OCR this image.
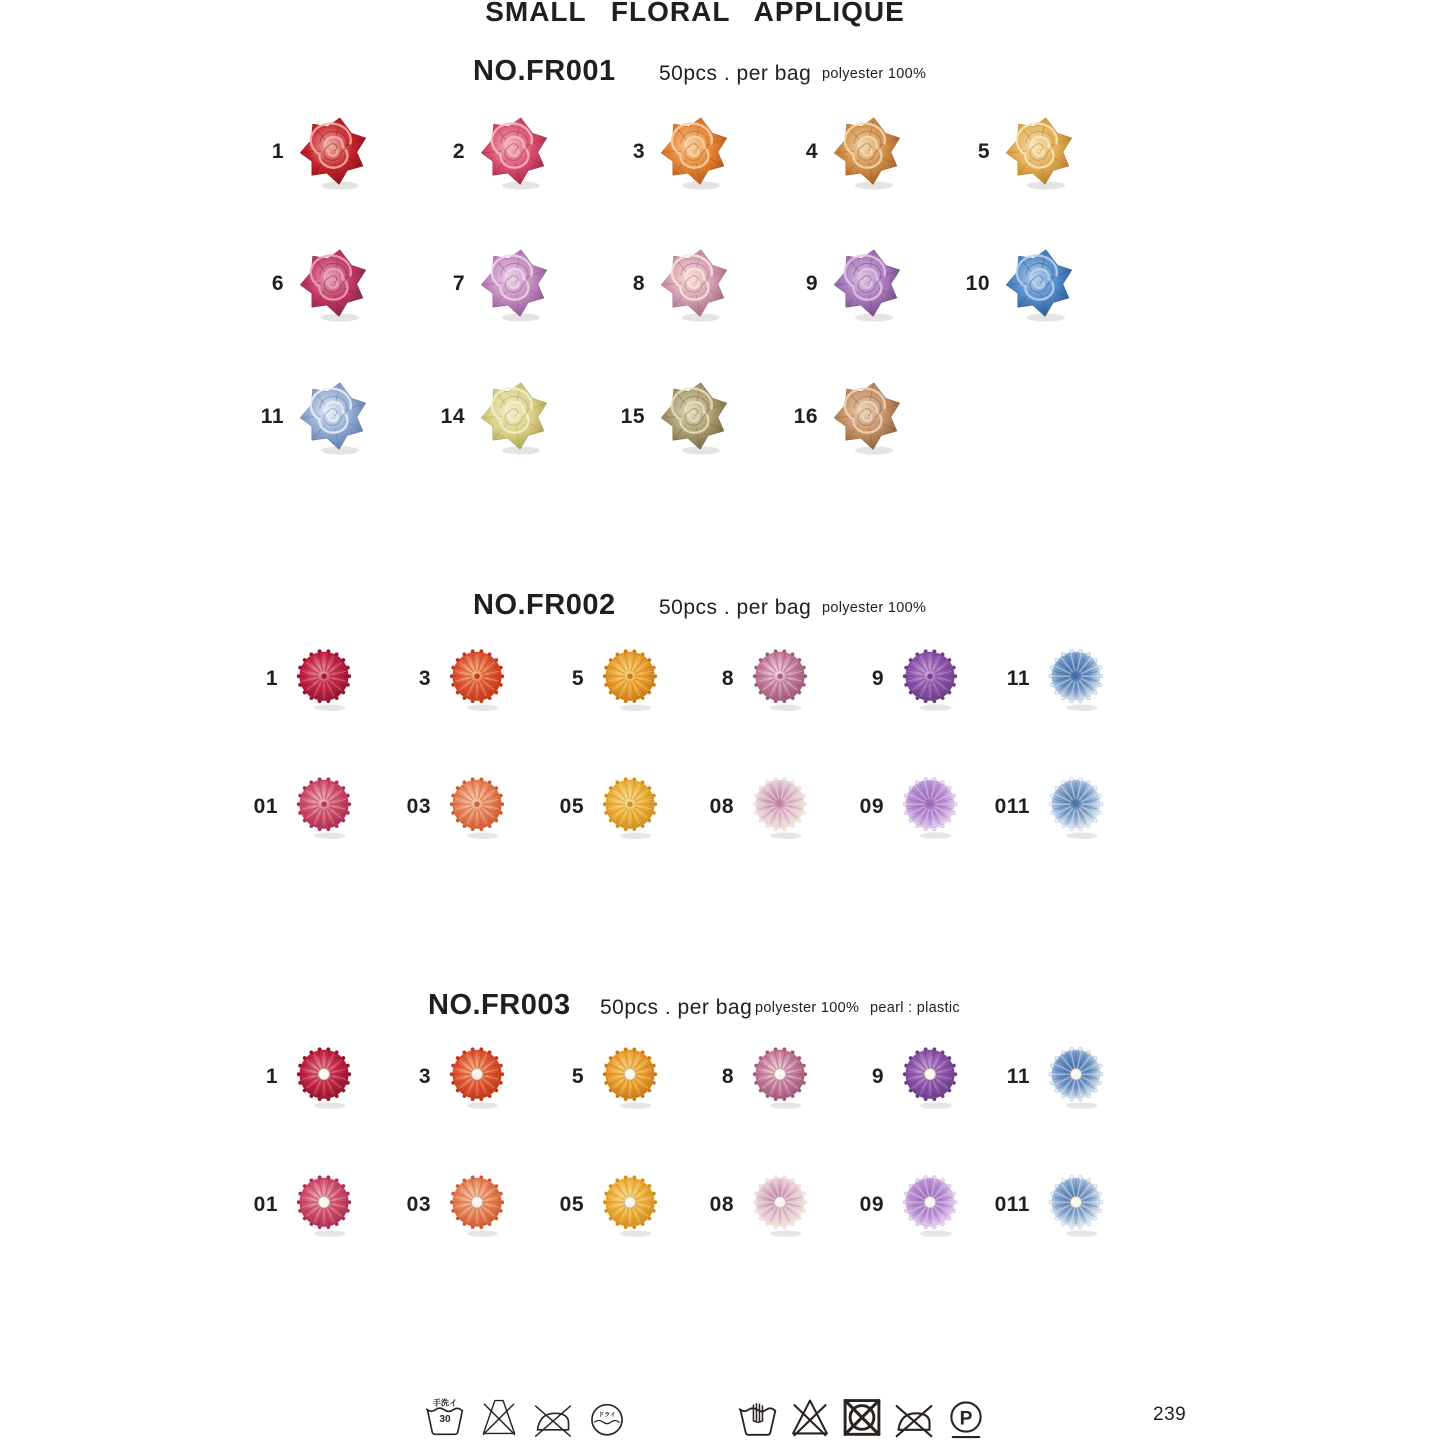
SMALL FLORAL APPLIQUE
NO.FR001 50pcs . per bag polyester 100%
1	2	3	4	5
6	7	8	9	10
11	14	15	16
NO.FR002 50pcs . per bag polyester 100%
1	3	5	8	9	11
01	03	05	08	09	011
NO.FR003 50pcs . per bag polyester 100% pearl : plastic
1	3	5	8	9	11
01	03	05	08	09	011
手洗イ
30	ドライ	P	239
